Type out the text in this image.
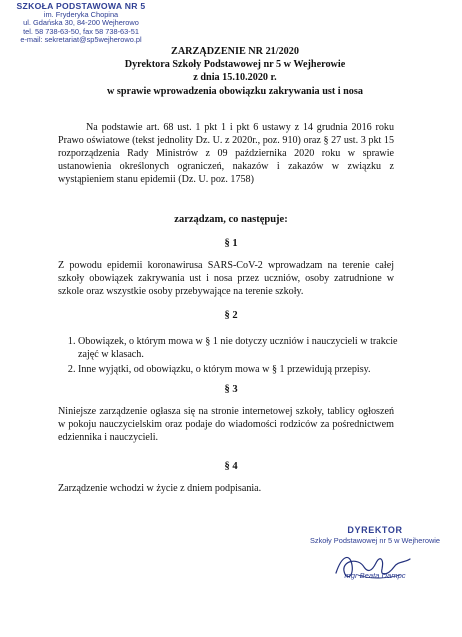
SZKOŁA PODSTAWOWA NR 5
im. Fryderyka Chopina
ul. Gdańska 30, 84-200 Wejherowo
tel. 58 738-63-50, fax 58 738-63-51
e-mail: sekretariat@sp5wejherowo.pl
ZARZĄDZENIE NR 21/2020
Dyrektora Szkoły Podstawowej nr 5 w Wejherowie
z dnia 15.10.2020 r.
w sprawie wprowadzenia obowiązku zakrywania ust i nosa
Na podstawie art. 68 ust. 1 pkt 1 i pkt 6 ustawy z 14 grudnia 2016 roku Prawo oświatowe (tekst jednolity Dz. U. z 2020r., poz. 910) oraz § 27 ust. 3 pkt 15 rozporządzenia Rady Ministrów z 09 października 2020 roku w sprawie ustanowienia określonych ograniczeń, nakazów i zakazów w związku z wystąpieniem stanu epidemii (Dz. U. poz. 1758)
zarządzam, co następuje:
§ 1
Z powodu epidemii koronawirusa SARS-CoV-2 wprowadzam na terenie całej szkoły obowiązek zakrywania ust i nosa przez uczniów, osoby zatrudnione w szkole oraz wszystkie osoby przebywające na terenie szkoły.
§ 2
1. Obowiązek, o którym mowa w § 1 nie dotyczy uczniów i nauczycieli w trakcie zajęć w klasach.
2. Inne wyjątki, od obowiązku, o którym mowa w § 1 przewidują przepisy.
§ 3
Niniejsze zarządzenie ogłasza się na stronie internetowej szkoły, tablicy ogłoszeń w pokoju nauczycielskim oraz podaje do wiadomości rodziców za pośrednictwem edziennika i nauczycieli.
§ 4
Zarządzenie wchodzi w życie z dniem podpisania.
DYREKTOR
Szkoły Podstawowej nr 5 w Wejherowie
mgr Beata Dampc
